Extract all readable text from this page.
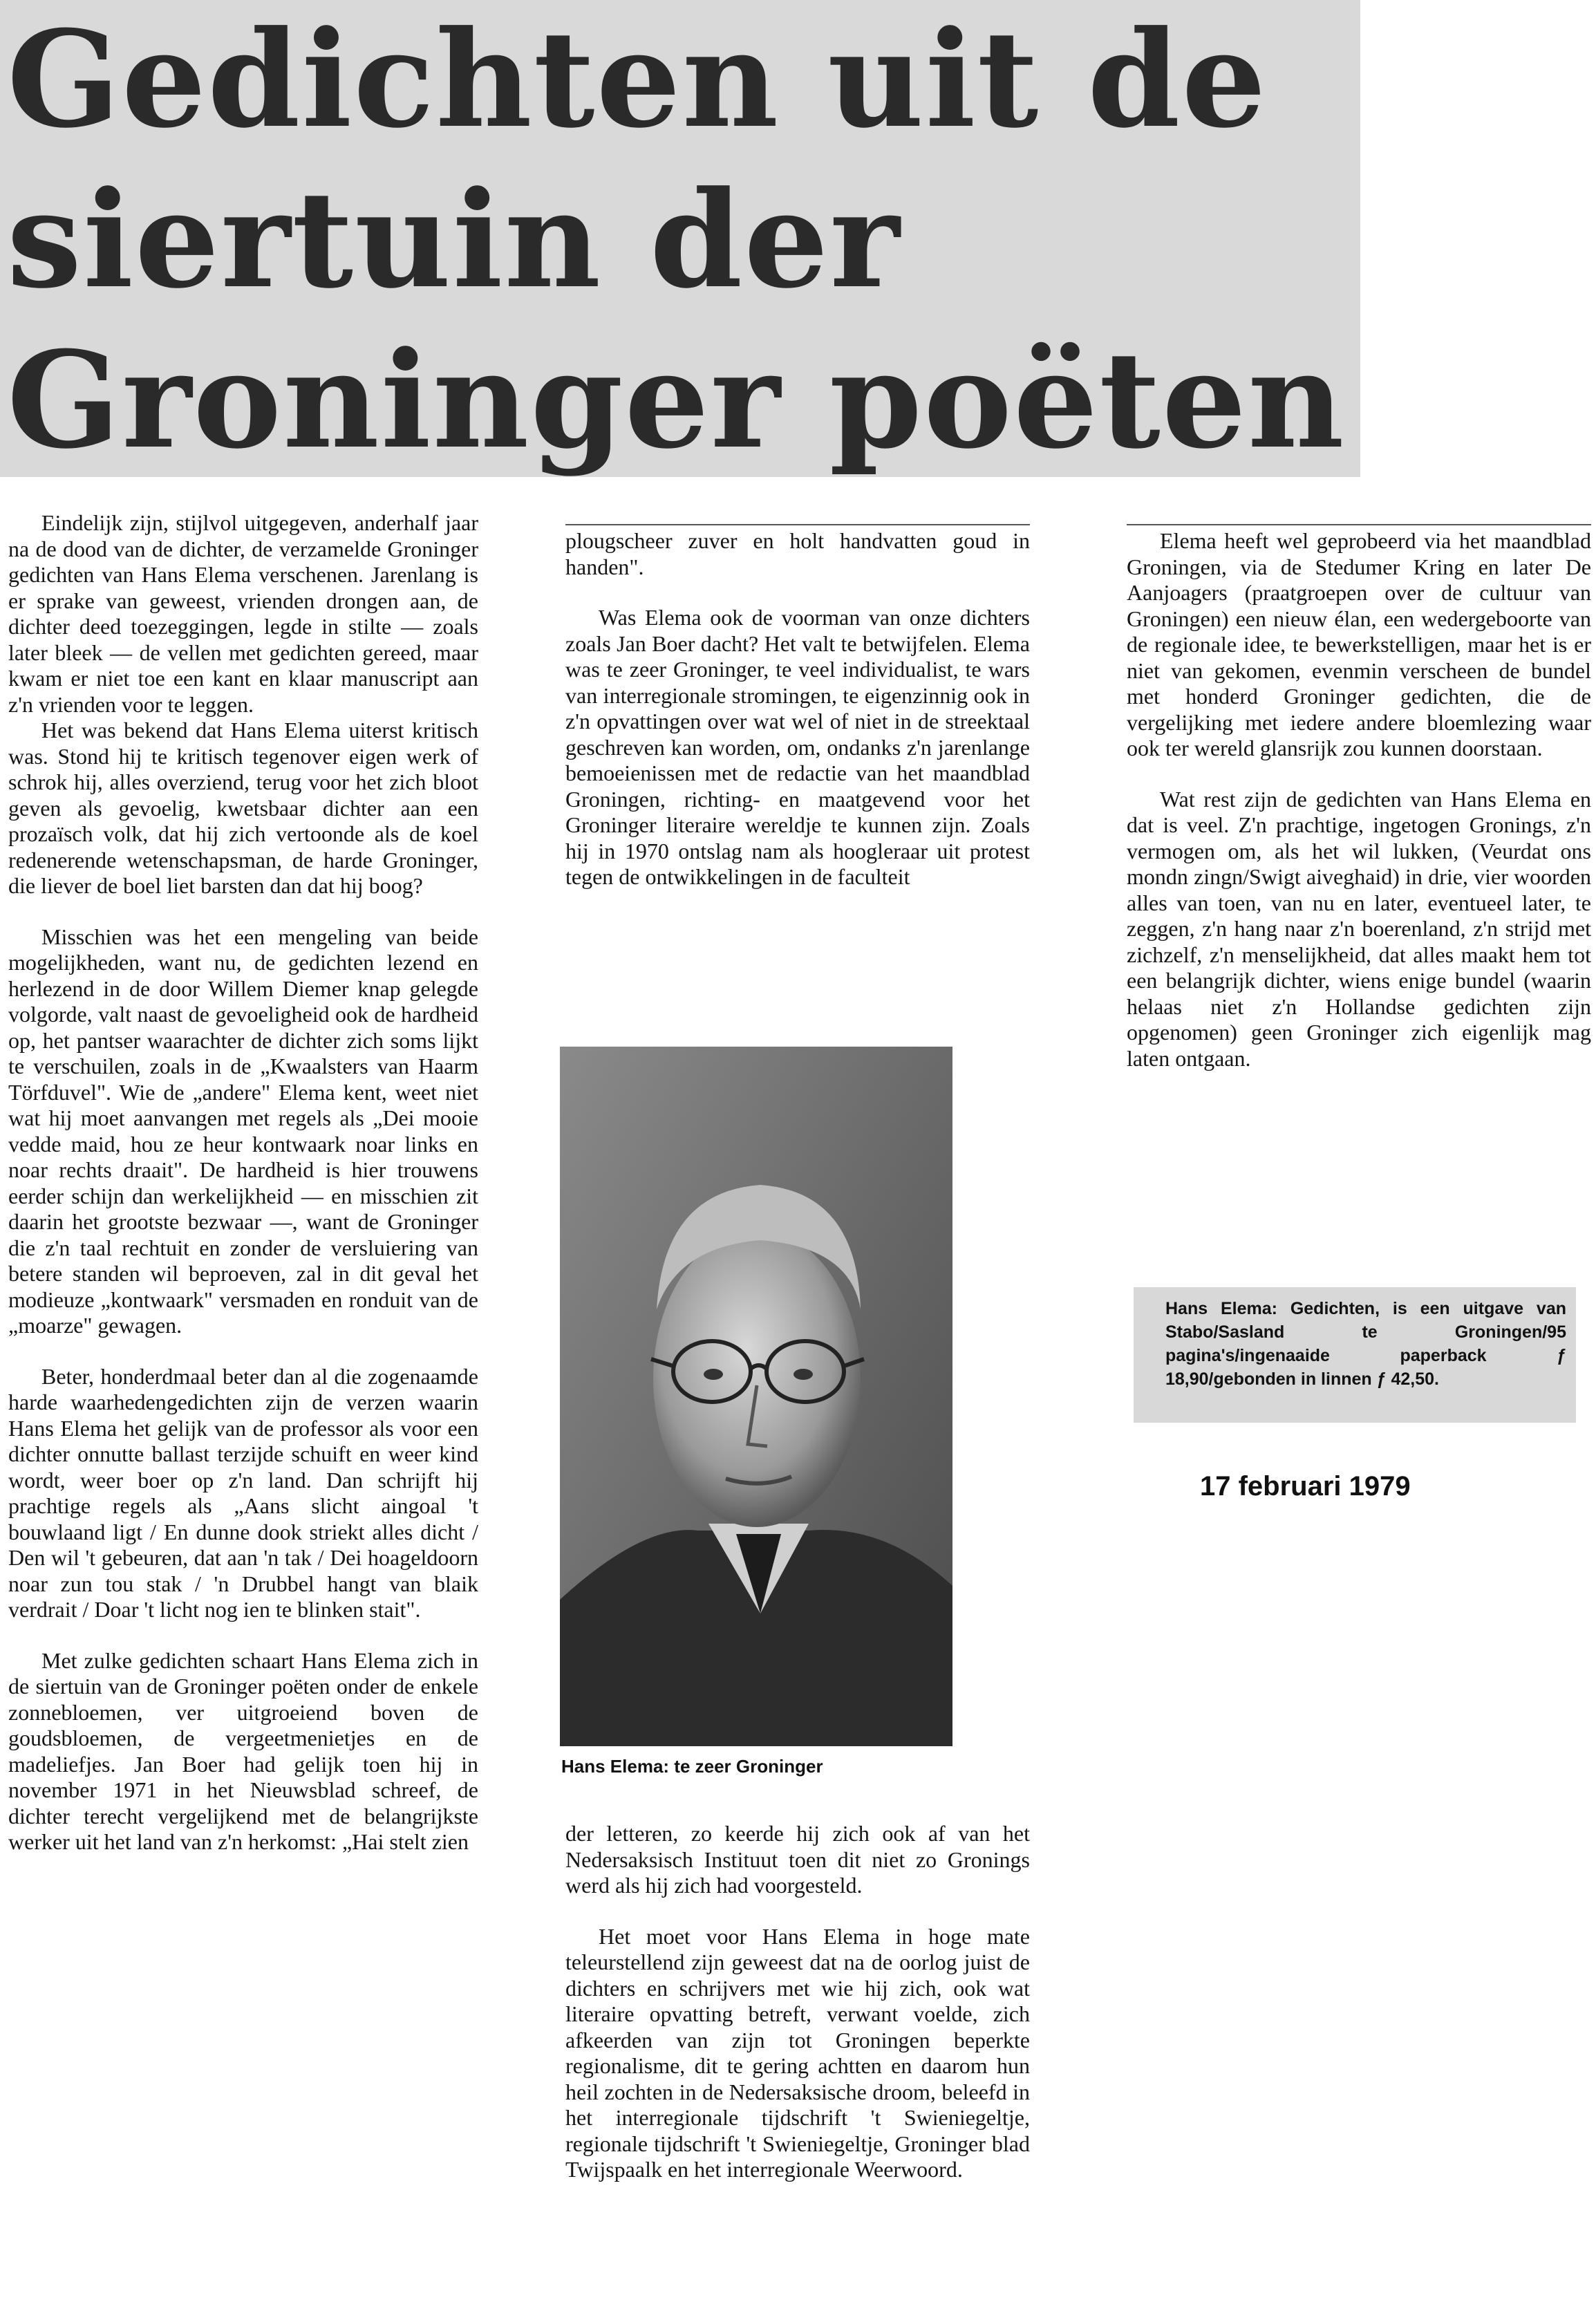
Gedichten uit de
siertuin der
Groninger poëten

Eindelijk zijn, stijlvol uitgegeven, anderhalf jaar na de dood van de dichter, de verzamelde Groninger gedichten van Hans Elema verschenen. Jarenlang is er sprake van geweest, vrienden drongen aan, de dichter deed toezeggingen, legde in stilte — zoals later bleek — de vellen met gedichten gereed, maar kwam er niet toe een kant en klaar manuscript aan z'n vrienden voor te leggen.

Het was bekend dat Hans Elema uiterst kritisch was. Stond hij te kritisch tegenover eigen werk of schrok hij, alles overziend, terug voor het zich bloot geven als gevoelig, kwetsbaar dichter aan een prozaïsch volk, dat hij zich vertoonde als de koel redenerende wetenschapsman, de harde Groninger, die liever de boel liet barsten dan dat hij boog?

Misschien was het een mengeling van beide mogelijkheden, want nu, de gedichten lezend en herlezend in de door Willem Diemer knap gelegde volgorde, valt naast de gevoeligheid ook de hardheid op, het pantser waarachter de dichter zich soms lijkt te verschuilen, zoals in de „Kwaalsters van Haarm Törfduvel". Wie de „andere" Elema kent, weet niet wat hij moet aanvangen met regels als „Dei mooie vedde maid, hou ze heur kontwaark noar links en noar rechts draait". De hardheid is hier trouwens eerder schijn dan werkelijkheid — en misschien zit daarin het grootste bezwaar —, want de Groninger die z'n taal rechtuit en zonder de versluiering van betere standen wil beproeven, zal in dit geval het modieuze „kontwaark" versmaden en ronduit van de „moarze" gewagen.

Beter, honderdmaal beter dan al die zogenaamde harde waarhedengedichten zijn de verzen waarin Hans Elema het gelijk van de professor als voor een dichter onnutte ballast terzijde schuift en weer kind wordt, weer boer op z'n land. Dan schrijft hij prachtige regels als „Aans slicht aingoal 't bouwlaand ligt / En dunne dook striekt alles dicht / Den wil 't gebeuren, dat aan 'n tak / Dei hoageldoorn noar zun tou stak / 'n Drubbel hangt van blaik verdrait / Doar 't licht nog ien te blinken stait".

Met zulke gedichten schaart Hans Elema zich in de siertuin van de Groninger poëten onder de enkele zonnebloemen, ver uitgroeiend boven de goudsbloemen, de vergeetmenietjes en de madeliefjes. Jan Boer had gelijk toen hij in november 1971 in het Nieuwsblad schreef, de dichter terecht vergelijkend met de belangrijkste werker uit het land van z'n herkomst: „Hai stelt zien

plougscheer zuver en holt handvatten goud in handen".

Was Elema ook de voorman van onze dichters zoals Jan Boer dacht? Het valt te betwijfelen. Elema was te zeer Groninger, te veel individualist, te wars van interregionale stromingen, te eigenzinnig ook in z'n opvattingen over wat wel of niet in de streektaal geschreven kan worden, om, ondanks z'n jarenlange bemoeienissen met de redactie van het maandblad Groningen, richting- en maatgevend voor het Groninger literaire wereldje te kunnen zijn. Zoals hij in 1970 ontslag nam als hoogleraar uit protest tegen de ontwikkelingen in de faculteit

Hans Elema: te zeer Groninger

der letteren, zo keerde hij zich ook af van het Nedersaksisch Instituut toen dit niet zo Gronings werd als hij zich had voorgesteld.

Het moet voor Hans Elema in hoge mate teleurstellend zijn geweest dat na de oorlog juist de dichters en schrijvers met wie hij zich, ook wat literaire opvatting betreft, verwant voelde, zich afkeerden van zijn tot Groningen beperkte regionalisme, dit te gering achtten en daarom hun heil zochten in de Nedersaksische droom, beleefd in het interregionale tijdschrift 't Swieniegeltje, regionale tijdschrift 't Swieniegeltje, Groninger blad Twijspaalk en het interregionale Weerwoord.

Elema heeft wel geprobeerd via het maandblad Groningen, via de Stedumer Kring en later De Aanjoagers (praatgroepen over de cultuur van Groningen) een nieuw élan, een wedergeboorte van de regionale idee, te bewerkstelligen, maar het is er niet van gekomen, evenmin verscheen de bundel met honderd Groninger gedichten, die de vergelijking met iedere andere bloemlezing waar ook ter wereld glansrijk zou kunnen doorstaan.

Wat rest zijn de gedichten van Hans Elema en dat is veel. Z'n prachtige, ingetogen Gronings, z'n vermogen om, als het wil lukken, (Veurdat ons mondn zingn/Swigt aiveghaid) in drie, vier woorden alles van toen, van nu en later, eventueel later, te zeggen, z'n hang naar z'n boerenland, z'n strijd met zichzelf, z'n menselijkheid, dat alles maakt hem tot een belangrijk dichter, wiens enige bundel (waarin helaas niet z'n Hollandse gedichten zijn opgenomen) geen Groninger zich eigenlijk mag laten ontgaan.

Hans Elema: Gedichten, is een uitgave van Stabo/Sasland te Groningen/95 pagina's/ingenaaide paperback ƒ 18,90/gebonden in linnen ƒ 42,50.
17 februari 1979
